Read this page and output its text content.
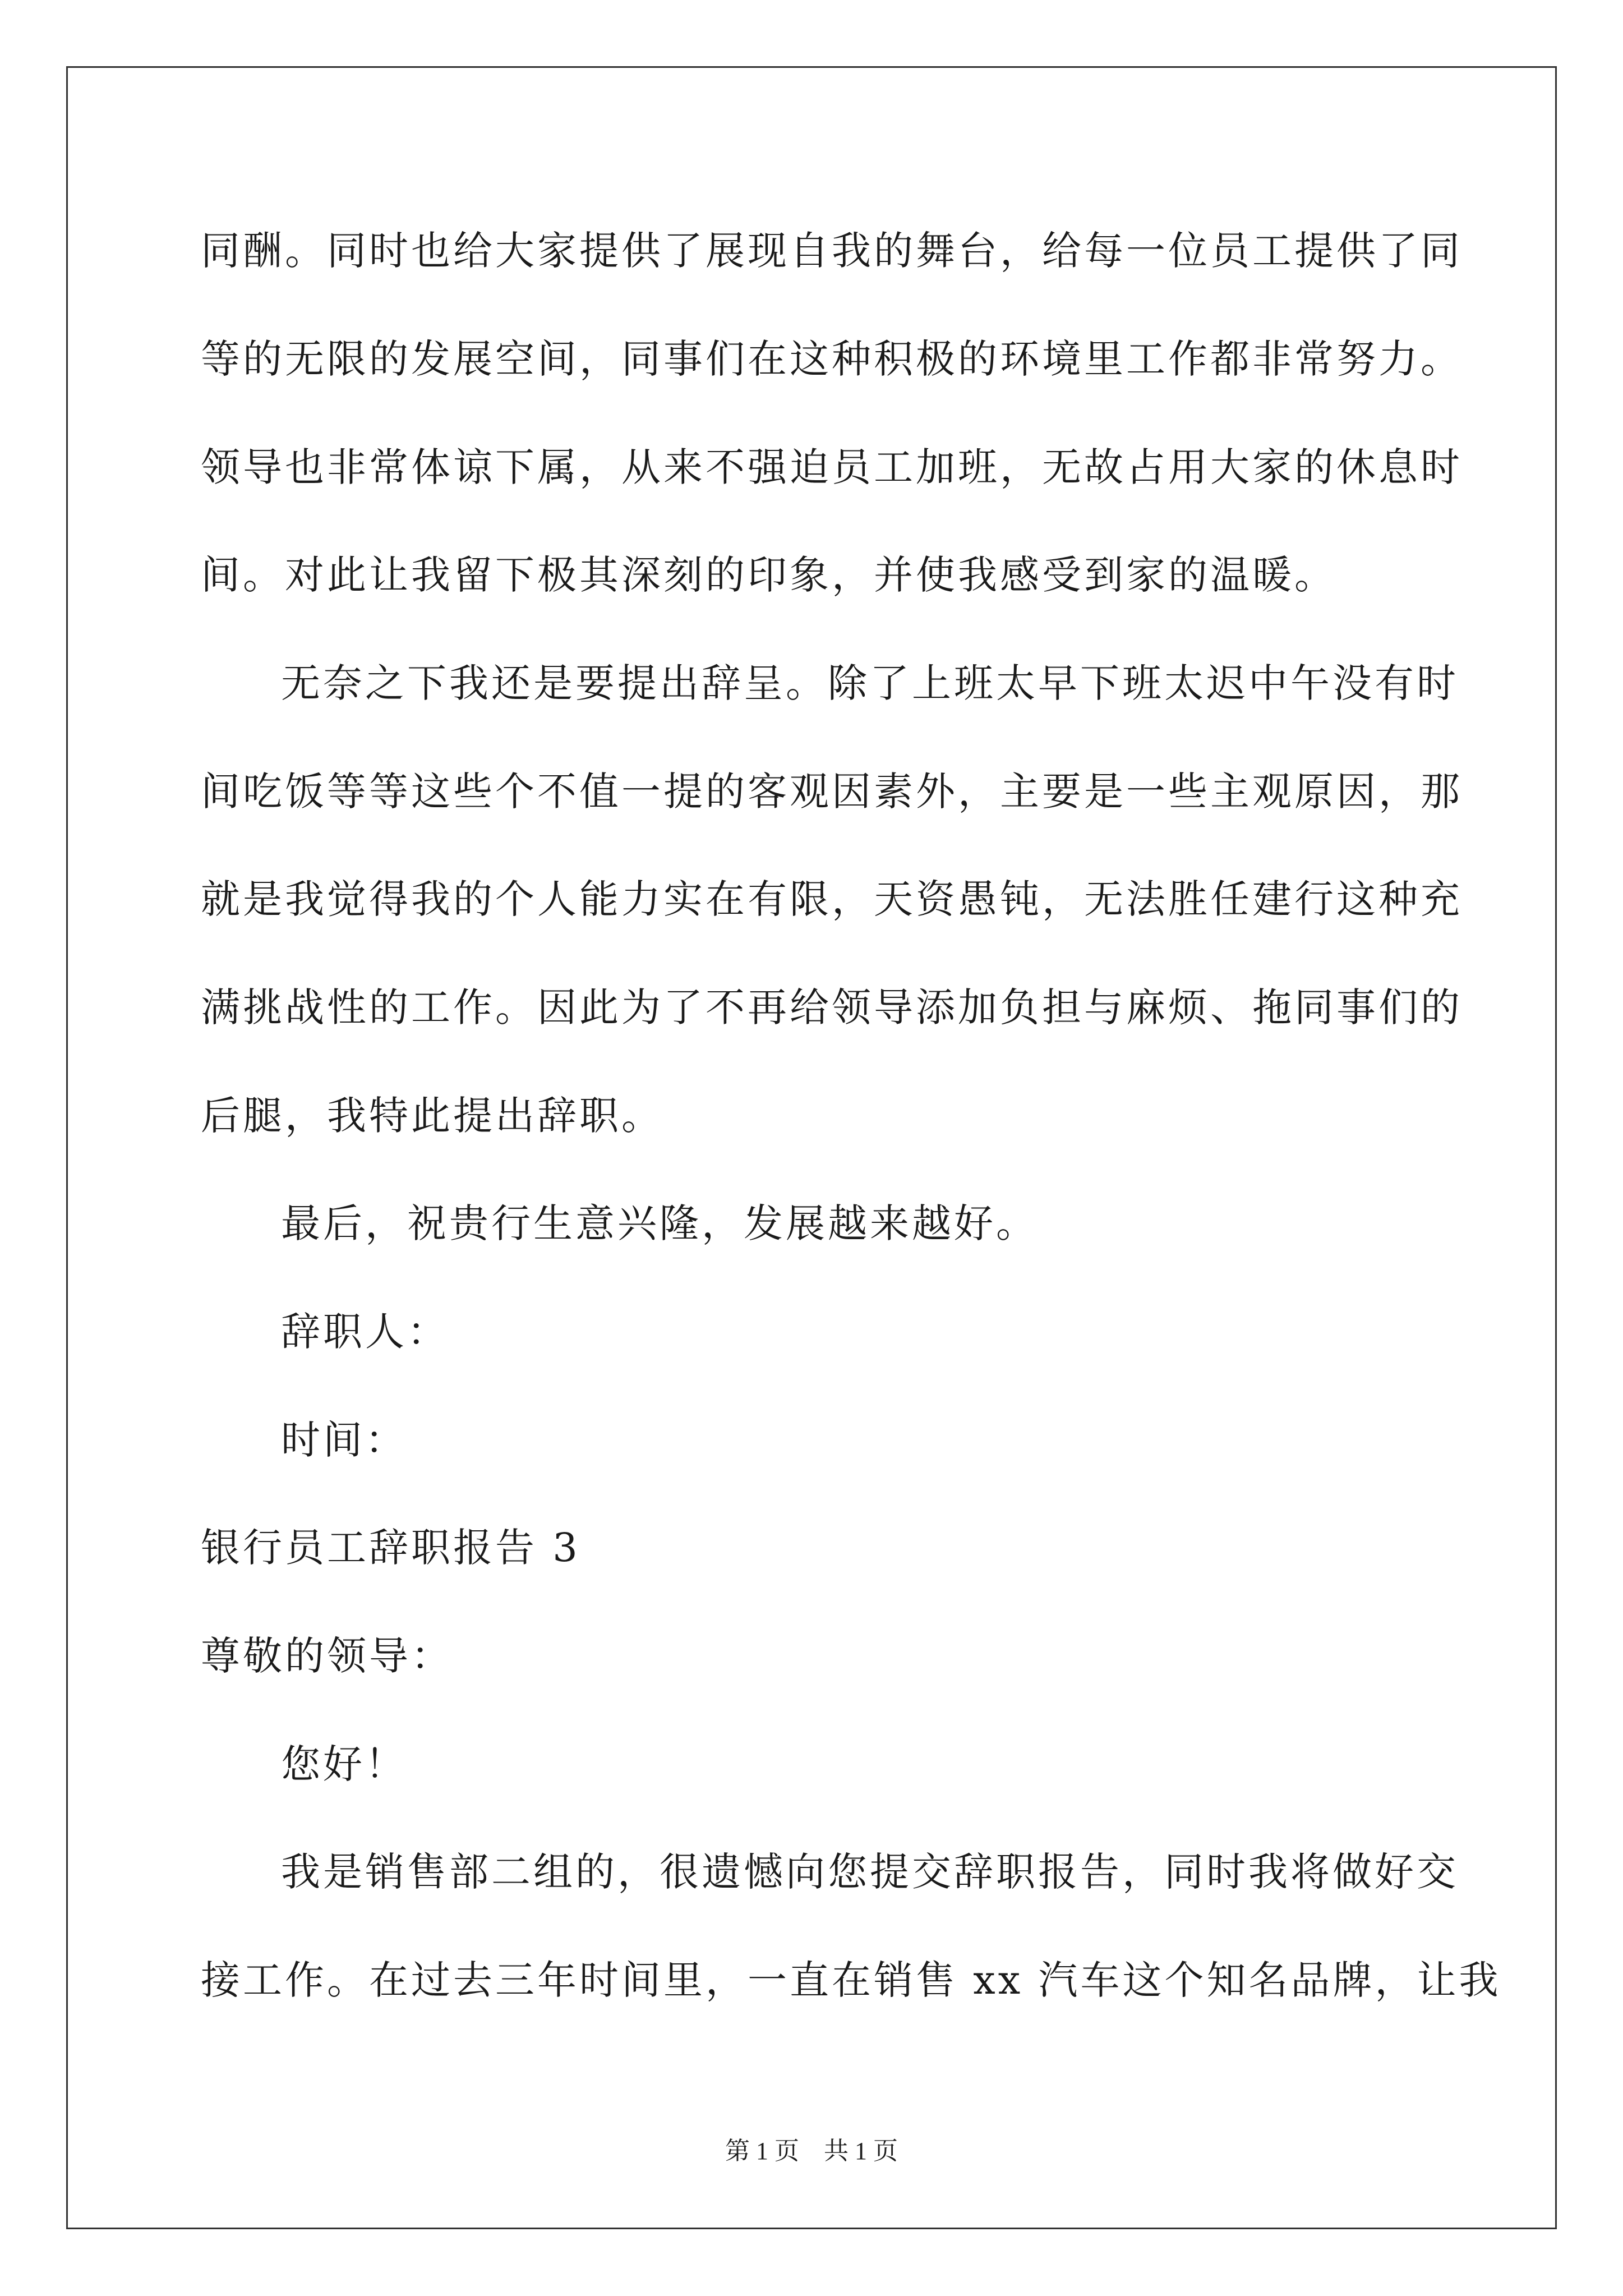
同酬。同时也给大家提供了展现自我的舞台，给每一位员工提供了同

等的无限的发展空间，同事们在这种积极的环境里工作都非常努力。

领导也非常体谅下属，从来不强迫员工加班，无故占用大家的休息时

间。对此让我留下极其深刻的印象，并使我感受到家的温暖。

无奈之下我还是要提出辞呈。除了上班太早下班太迟中午没有时

间吃饭等等这些个不值一提的客观因素外，主要是一些主观原因，那

就是我觉得我的个人能力实在有限，天资愚钝，无法胜任建行这种充

满挑战性的工作。因此为了不再给领导添加负担与麻烦、拖同事们的

后腿，我特此提出辞职。

最后，祝贵行生意兴隆，发展越来越好。

辞职人：

时间：

银行员工辞职报告 3

尊敬的领导：

您好！

我是销售部二组的，很遗憾向您提交辞职报告，同时我将做好交

接工作。在过去三年时间里，一直在销售 xx 汽车这个知名品牌，让我

第 1 页 共 1 页
